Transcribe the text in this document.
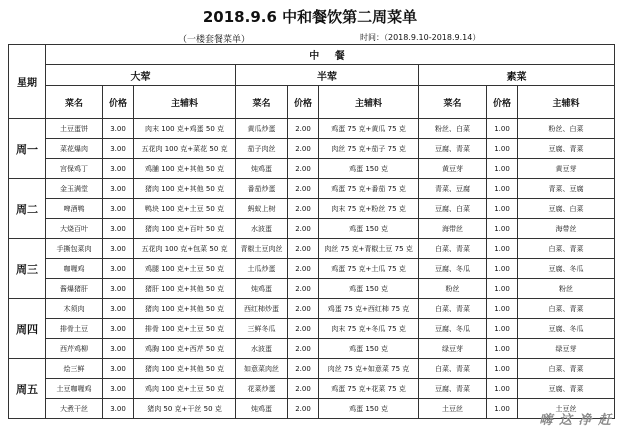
2018.9.6 中和餐饮第二周菜单
（一楼套餐菜单）	时间：（2018.9.10-2018.9.14）
星期	中 餐								
	大荤			半荤			素菜		
	菜名	价格	主辅料	菜名	价格	主辅料	菜名	价格	主辅料
周一	土豆蛋饼	3.00	肉末 100 克+鸡蛋 50 克	黄瓜炒蛋	2.00	鸡蛋 75 克+黄瓜 75 克	粉丝、白菜	1.00	粉丝、白菜
	菜花爆肉	3.00	五花肉 100 克+菜花 50 克	茄子肉丝	2.00	肉丝 75 克+茄子 75 克	豆腐、青菜	1.00	豆腐、青菜
	宫保鸡丁	3.00	鸡脯 100 克+其他 50 克	炖鸡蛋	2.00	鸡蛋 150 克	黄豆芽	1.00	黄豆芽
周二	金玉满堂	3.00	猪肉 100 克+其他 50 克	番茄炒蛋	2.00	鸡蛋 75 克+番茄 75 克	青菜、豆腐	1.00	青菜、豆腐
	啤酒鸭	3.00	鸭块 100 克+土豆 50 克	蚂蚁上树	2.00	肉末 75 克+粉丝 75 克	豆腐、白菜	1.00	豆腐、白菜
	大烧百叶	3.00	猪肉 100 克+百叶 50 克	水波蛋	2.00	鸡蛋 150 克	海带丝	1.00	海带丝
周三	手撕包菜肉	3.00	五花肉 100 克+包菜 50 克	青椒土豆肉丝	2.00	肉丝 75 克+青椒土豆 75 克	白菜、青菜	1.00	白菜、青菜
	咖喱鸡	3.00	鸡腿 100 克+土豆 50 克	土瓜炒蛋	2.00	鸡蛋 75 克+土瓜 75 克	豆腐、冬瓜	1.00	豆腐、冬瓜
	酱爆猪肝	3.00	猪肝 100 克+其他 50 克	炖鸡蛋	2.00	鸡蛋 150 克	粉丝	1.00	粉丝
周四	木须肉	3.00	猪肉 100 克+其他 50 克	西红柿炒蛋	2.00	鸡蛋 75 克+西红柿 75 克	白菜、青菜	1.00	白菜、青菜
	排骨土豆	3.00	排骨 100 克+土豆 50 克	三鲜冬瓜	2.00	肉末 75 克+冬瓜 75 克	豆腐、冬瓜	1.00	豆腐、冬瓜
	西芹鸡柳	3.00	鸡胸 100 克+西芹 50 克	水波蛋	2.00	鸡蛋 150 克	绿豆芽	1.00	绿豆芽
周五	烩三鲜	3.00	猪肉 100 克+其他 50 克	如意菜肉丝	2.00	肉丝 75 克+如意菜 75 克	白菜、青菜	1.00	白菜、青菜
	土豆咖喱鸡	3.00	鸡肉 100 克+土豆 50 克	花菜炒蛋	2.00	鸡蛋 75 克+花菜 75 克	豆腐、青菜	1.00	豆腐、青菜
	大煮干丝	3.00	猪肉 50 克+干丝 50 克	炖鸡蛋	2.00	鸡蛋 150 克	土豆丝	1.00	土豆丝
嗨 这 净 赶
